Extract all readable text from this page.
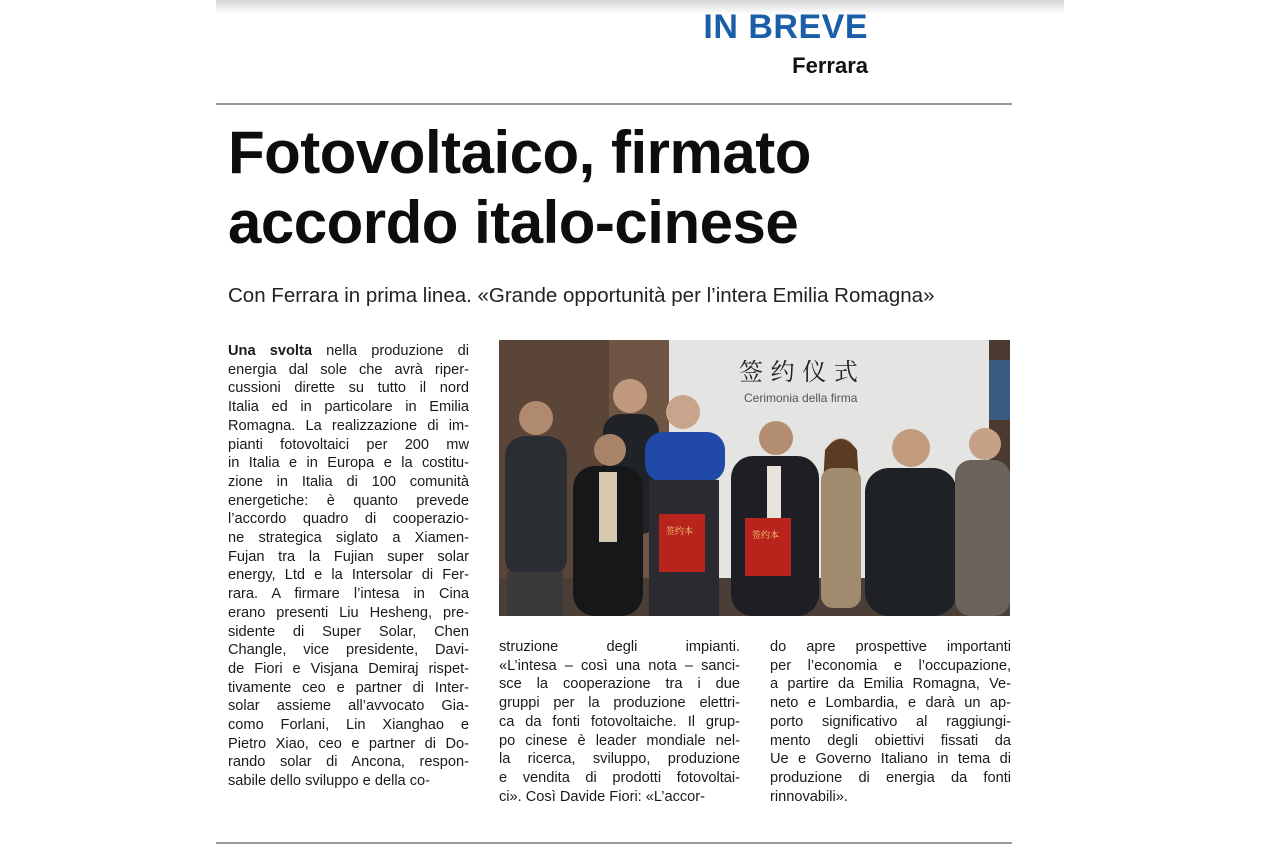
IN BREVE
Ferrara
Fotovoltaico, firmato
accordo italo-cinese
Con Ferrara in prima linea. «Grande opportunità per l’intera Emilia Romagna»
Una svolta nella produzione di
energia dal sole che avrà riper-
cussioni dirette su tutto il nord
Italia ed in particolare in Emilia
Romagna. La realizzazione di im-
pianti fotovoltaici per 200 mw
in Italia e in Europa e la costitu-
zione in Italia di 100 comunità
energetiche: è quanto prevede
l’accordo quadro di cooperazio-
ne strategica siglato a Xiamen-
Fujan tra la Fujian super solar
energy, Ltd e la Intersolar di Fer-
rara. A firmare l’intesa in Cina
erano presenti Liu Hesheng, pre-
sidente di Super Solar, Chen
Changle, vice presidente, Davi-
de Fiori e Visjana Demiraj rispet-
tivamente ceo e partner di Inter-
solar assieme all’avvocato Gia-
como Forlani, Lin Xianghao e
Pietro Xiao, ceo e partner di Do-
rando solar di Ancona, respon-
sabile dello sviluppo e della co-
签 约 仪 式
Cerimonia della firma
签约本	签约本
struzione degli impianti.
«L’intesa – così una nota – sanci-
sce la cooperazione tra i due
gruppi per la produzione elettri-
ca da fonti fotovoltaiche. Il grup-
po cinese è leader mondiale nel-
la ricerca, sviluppo, produzione
e vendita di prodotti fotovoltai-
ci». Così Davide Fiori: «L’accor-
do apre prospettive importanti
per l’economia e l’occupazione,
a partire da Emilia Romagna, Ve-
neto e Lombardia, e darà un ap-
porto significativo al raggiungi-
mento degli obiettivi fissati da
Ue e Governo Italiano in tema di
produzione di energia da fonti
rinnovabili».
